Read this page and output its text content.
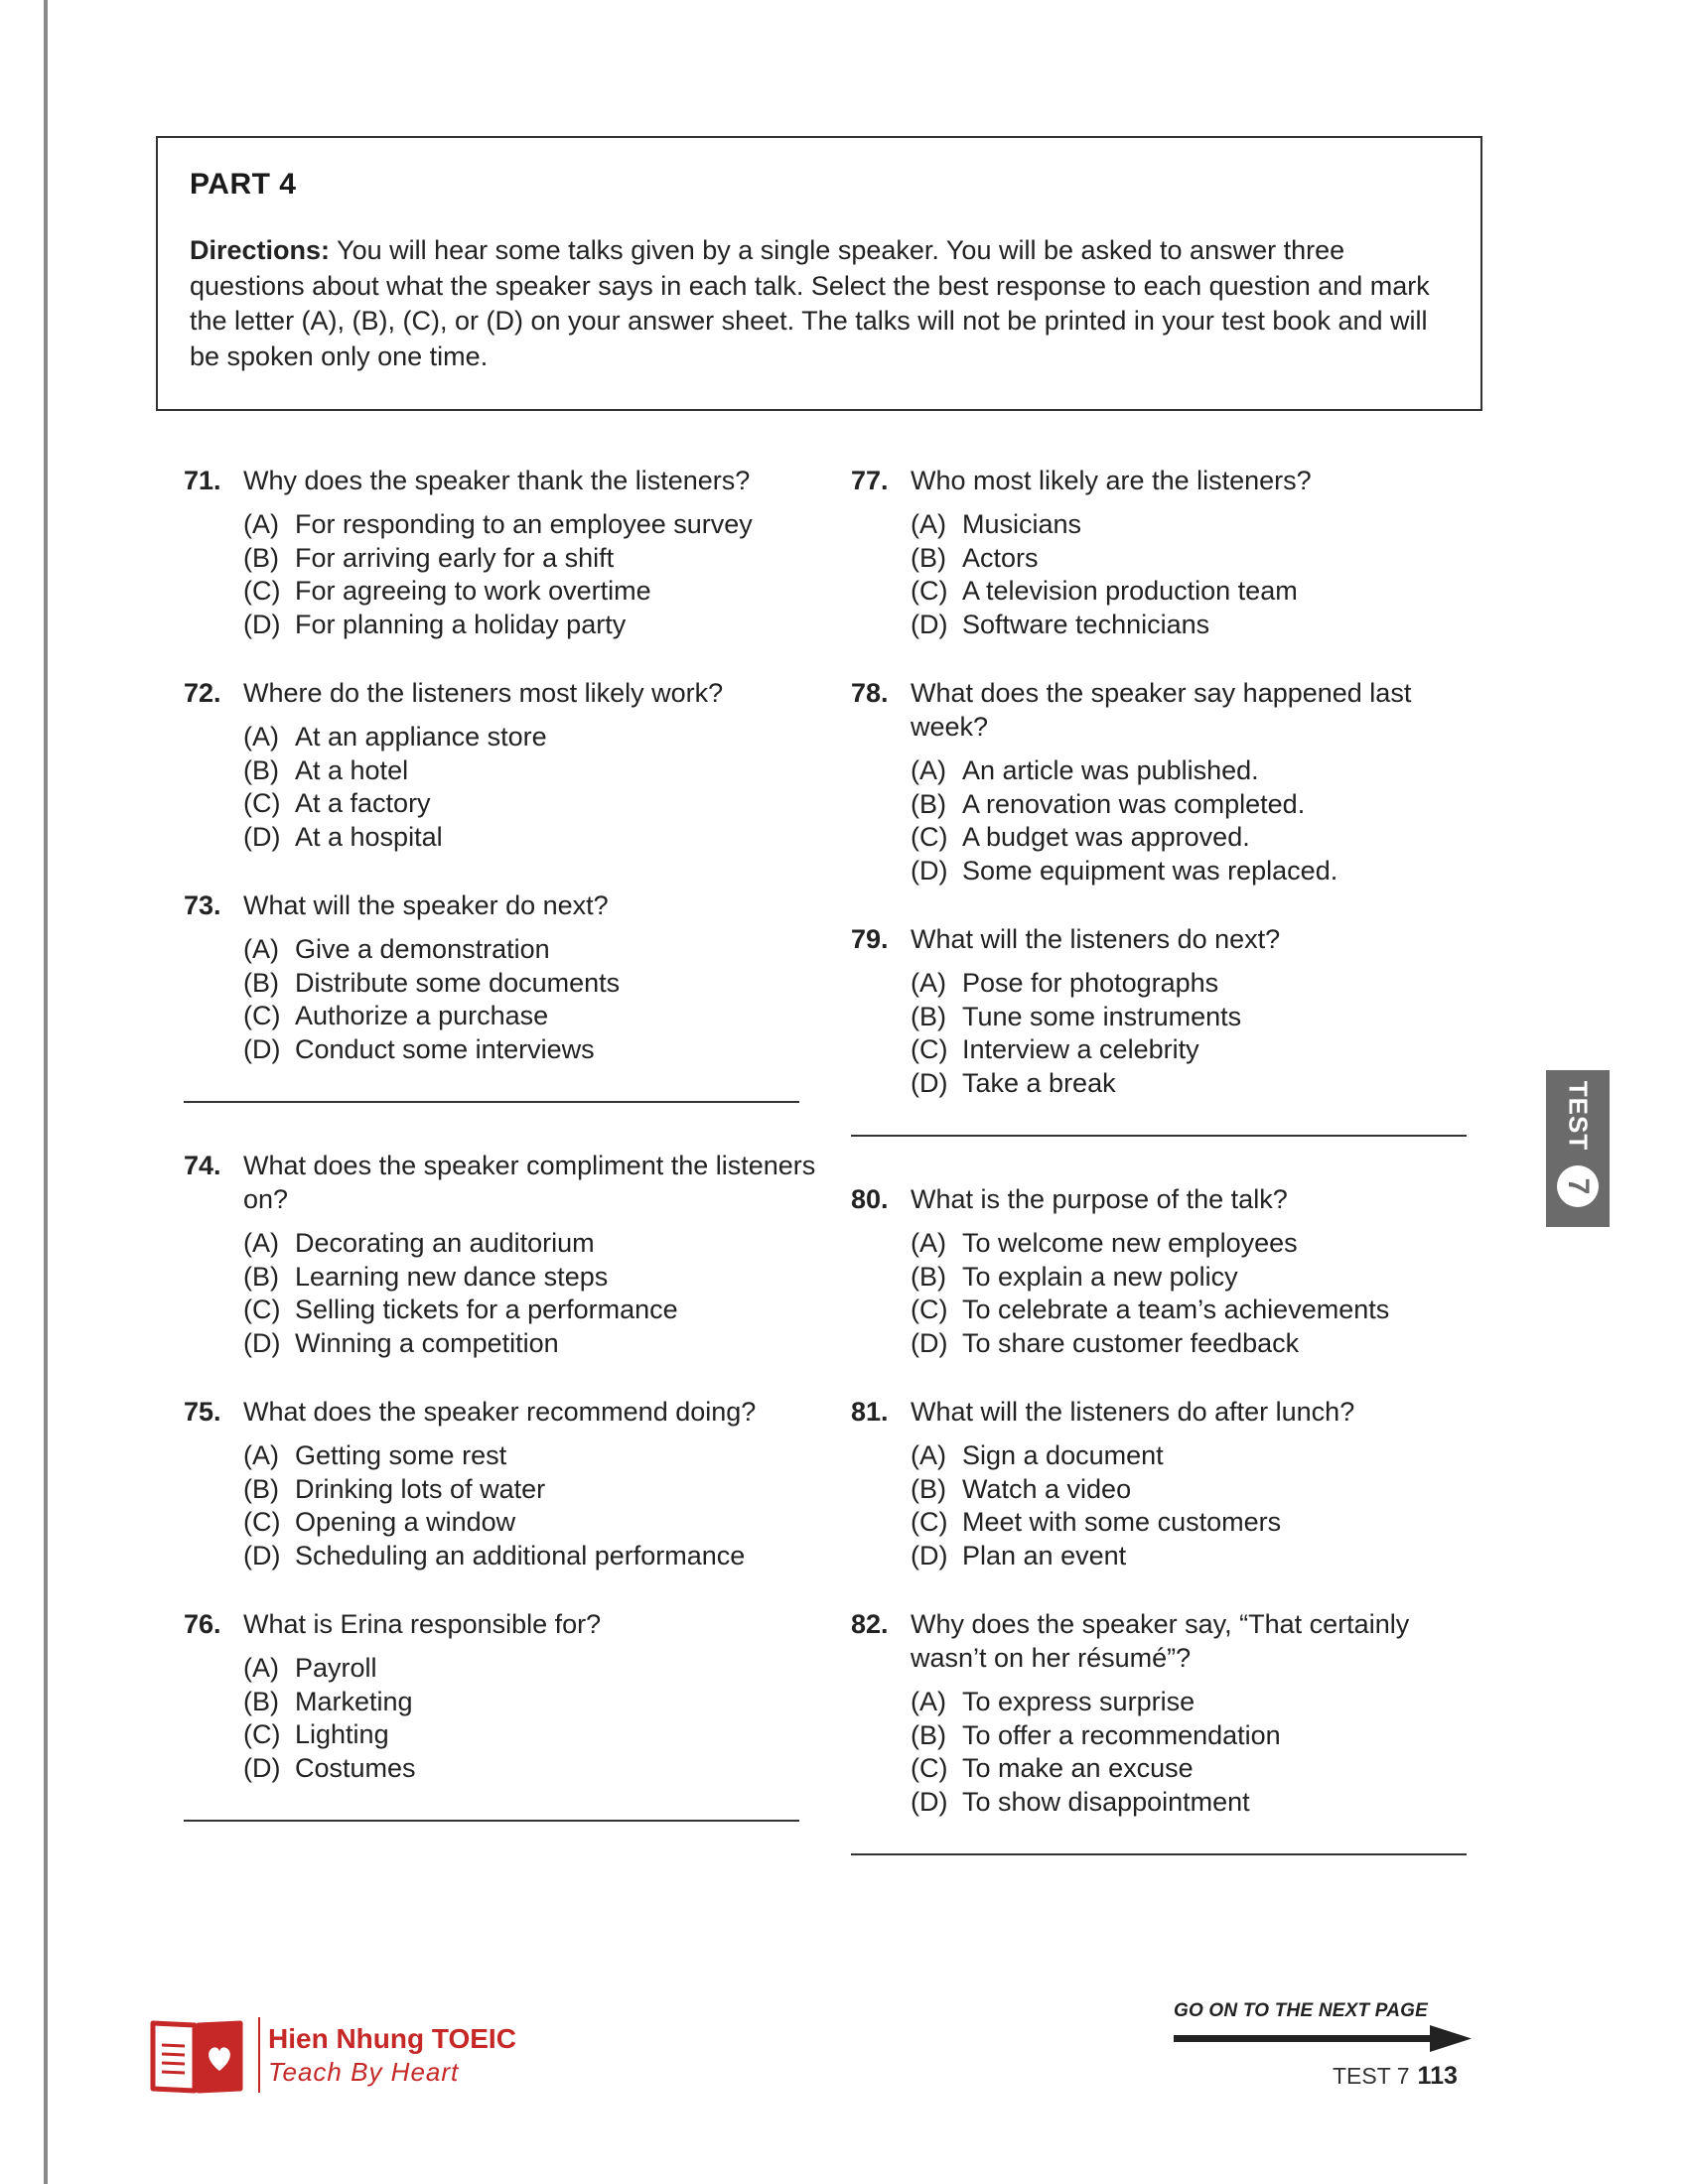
PART 4

Directions: You will hear some talks given by a single speaker. You will be asked to answer three questions about what the speaker says in each talk. Select the best response to each question and mark the letter (A), (B), (C), or (D) on your answer sheet. The talks will not be printed in your test book and will be spoken only one time.

71. Why does the speaker thank the listeners?
(A) For responding to an employee survey
(B) For arriving early for a shift
(C) For agreeing to work overtime
(D) For planning a holiday party
72. Where do the listeners most likely work?
(A) At an appliance store
(B) At a hotel
(C) At a factory
(D) At a hospital
73. What will the speaker do next?
(A) Give a demonstration
(B) Distribute some documents
(C) Authorize a purchase
(D) Conduct some interviews
74. What does the speaker compliment the listeners on?
(A) Decorating an auditorium
(B) Learning new dance steps
(C) Selling tickets for a performance
(D) Winning a competition
75. What does the speaker recommend doing?
(A) Getting some rest
(B) Drinking lots of water
(C) Opening a window
(D) Scheduling an additional performance
76. What is Erina responsible for?
(A) Payroll
(B) Marketing
(C) Lighting
(D) Costumes
77. Who most likely are the listeners?
(A) Musicians
(B) Actors
(C) A television production team
(D) Software technicians
78. What does the speaker say happened last week?
(A) An article was published.
(B) A renovation was completed.
(C) A budget was approved.
(D) Some equipment was replaced.
79. What will the listeners do next?
(A) Pose for photographs
(B) Tune some instruments
(C) Interview a celebrity
(D) Take a break
80. What is the purpose of the talk?
(A) To welcome new employees
(B) To explain a new policy
(C) To celebrate a team’s achievements
(D) To share customer feedback
81. What will the listeners do after lunch?
(A) Sign a document
(B) Watch a video
(C) Meet with some customers
(D) Plan an event
82. Why does the speaker say, “That certainly wasn’t on her résumé”?
(A) To express surprise
(B) To offer a recommendation
(C) To make an excuse
(D) To show disappointment
TEST
7
Hien Nhung TOEIC
Teach By Heart
GO ON TO THE NEXT PAGE
TEST 7 113
